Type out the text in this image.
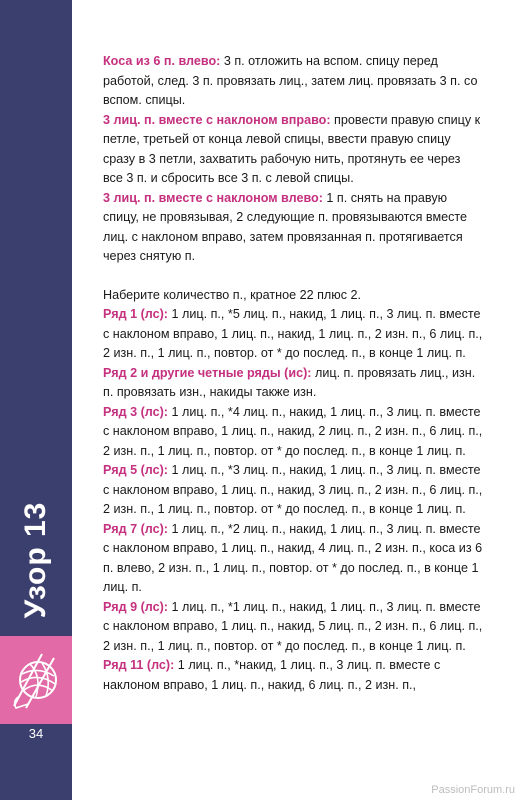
Узор 13
34

Коса из 6 п. влево: 3 п. отложить на вспом. спицу перед работой, след. 3 п. провязать лиц., затем лиц. провязать 3 п. со вспом. спицы.

3 лиц. п. вместе с наклоном вправо: провести правую спицу к петле, третьей от конца левой спицы, ввести правую спицу сразу в 3 петли, захватить рабочую нить, протянуть ее через все 3 п. и сбросить все 3 п. с левой спицы.

3 лиц. п. вместе с наклоном влево: 1 п. снять на правую спицу, не провязывая, 2 следующие п. провязываются вместе лиц. с наклоном вправо, затем провязанная п. протягивается через снятую п.

Наберите количество п., кратное 22 плюс 2.

Ряд 1 (лс): 1 лиц. п., *5 лиц. п., накид, 1 лиц. п., 3 лиц. п. вместе с наклоном вправо, 1 лиц. п., накид, 1 лиц. п., 2 изн. п., 6 лиц. п., 2 изн. п., 1 лиц. п., повтор. от * до послед. п., в конце 1 лиц. п.

Ряд 2 и другие четные ряды (ис): лиц. п. провязать лиц., изн. п. провязать изн., накиды также изн.

Ряд 3 (лс): 1 лиц. п., *4 лиц. п., накид, 1 лиц. п., 3 лиц. п. вместе с наклоном вправо, 1 лиц. п., накид, 2 лиц. п., 2 изн. п., 6 лиц. п., 2 изн. п., 1 лиц. п., повтор. от * до послед. п., в конце 1 лиц. п.

Ряд 5 (лс): 1 лиц. п., *3 лиц. п., накид, 1 лиц. п., 3 лиц. п. вместе с наклоном вправо, 1 лиц. п., накид, 3 лиц. п., 2 изн. п., 6 лиц. п., 2 изн. п., 1 лиц. п., повтор. от * до послед. п., в конце 1 лиц. п.

Ряд 7 (лс): 1 лиц. п., *2 лиц. п., накид, 1 лиц. п., 3 лиц. п. вместе с наклоном вправо, 1 лиц. п., накид, 4 лиц. п., 2 изн. п., коса из 6 п. влево, 2 изн. п., 1 лиц. п., повтор. от * до послед. п., в конце 1 лиц. п.

Ряд 9 (лс): 1 лиц. п., *1 лиц. п., накид, 1 лиц. п., 3 лиц. п. вместе с наклоном вправо, 1 лиц. п., накид, 5 лиц. п., 2 изн. п., 6 лиц. п., 2 изн. п., 1 лиц. п., повтор. от * до послед. п., в конце 1 лиц. п.

Ряд 11 (лс): 1 лиц. п., *накид, 1 лиц. п., 3 лиц. п. вместе с наклоном вправо, 1 лиц. п., накид, 6 лиц. п., 2 изн. п.,

PassionForum.ru
